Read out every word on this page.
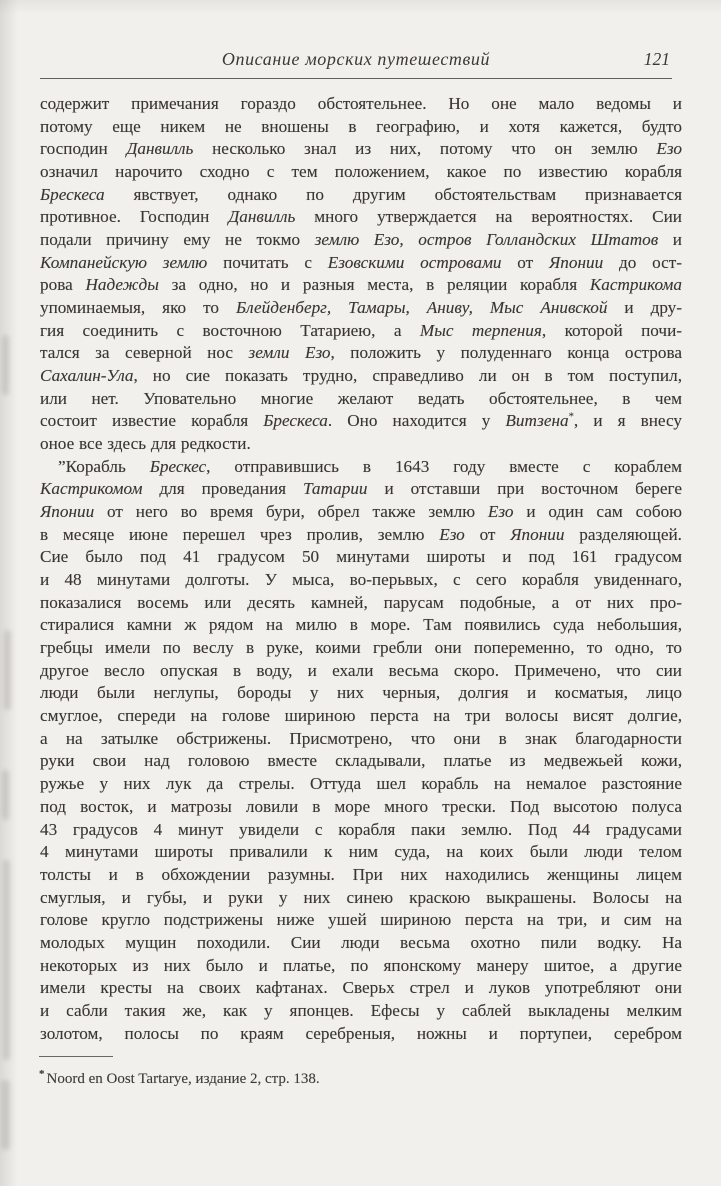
Описание морских путешествий	121
содержит примечания гораздо обстоятельнее. Но оне мало ведомы и
потому еще никем не вношены в географию, и хотя кажется, будто
господин Данвилль несколько знал из них, потому что он землю Езо
означил нарочито сходно с тем положением, какое по известию корабля
Брескеса явствует, однако по другим обстоятельствам признавается
противное. Господин Данвилль много утверждается на вероятностях. Сии
подали причину ему не токмо землю Езо, остров Голландских Штатов и
Компанейскую землю почитать с Езовскими островами от Японии до ост-
рова Надежды за одно, но и разныя места, в реляции корабля Кастрикома
упоминаемыя, яко то Блейденберг, Тамары, Аниву, Мыс Анивской и дру-
гия соединить с восточною Татариею, а Мыс терпения, которой почи-
тался за северной нос земли Езо, положить у полуденнаго конца острова
Сахалин-Ула, но сие показать трудно, справедливо ли он в том поступил,
или нет. Уповательно многие желают ведать обстоятельнее, в чем
состоит известие корабля Брескеса. Оно находится у Витзена*, и я внесу
оное все здесь для редкости.
”Корабль Брескес, отправившись в 1643 году вместе с кораблем
Кастрикомом для проведания Татарии и отставши при восточном береге
Японии от него во время бури, обрел также землю Езо и один сам собою
в месяце июне перешел чрез пролив, землю Езо от Японии разделяющей.
Сие было под 41 градусом 50 минутами широты и под 161 градусом
и 48 минутами долготы. У мыса, во-перьвых, с сего корабля увиденнаго,
показалися восемь или десять камней, парусам подобные, а от них про-
стиралися камни ж рядом на милю в море. Там появились суда небольшия,
гребцы имели по веслу в руке, коими гребли они попеременно, то одно, то
другое весло опуская в воду, и ехали весьма скоро. Примечено, что сии
люди были неглупы, бороды у них черныя, долгия и косматыя, лицо
смуглое, спереди на голове шириною перста на три волосы висят долгие,
а на затылке обстрижены. Присмотрено, что они в знак благодарности
руки свои над головою вместе складывали, платье из медвежьей кожи,
ружье у них лук да стрелы. Оттуда шел корабль на немалое разстояние
под восток, и матрозы ловили в море много трески. Под высотою полуса
43 градусов 4 минут увидели с корабля паки землю. Под 44 градусами
4 минутами широты привалили к ним суда, на коих были люди телом
толсты и в обхождении разумны. При них находились женщины лицем
смуглыя, и губы, и руки у них синею краскою выкрашены. Волосы на
голове кругло подстрижены ниже ушей шириною перста на три, и сим на
молодых мущин походили. Сии люди весьма охотно пили водку. На
некоторых из них было и платье, по японскому манеру шитое, а другие
имели кресты на своих кафтанах. Сверьх стрел и луков употребляют они
и сабли такия же, как у японцев. Ефесы у саблей выкладены мелким
золотом, полосы по краям серебреныя, ножны и портупеи, серебром
* Noord en Oost Tartarye, издание 2, стр. 138.
